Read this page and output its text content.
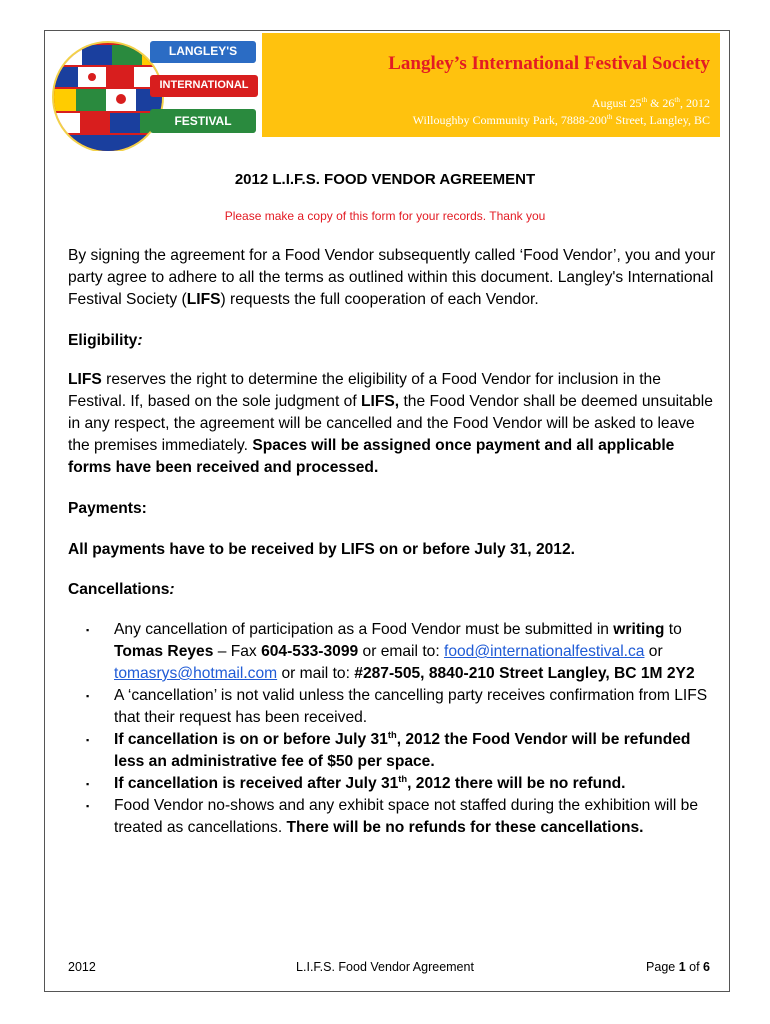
LANGLEY'S
INTERNATIONAL
FESTIVAL
Langley’s International Festival Society
August 25th & 26th, 2012
Willoughby Community Park, 7888-200th Street, Langley, BC
2012 L.I.F.S. FOOD VENDOR AGREEMENT
Please make a copy of this form for your records. Thank you
By signing the agreement for a Food Vendor subsequently called ‘Food Vendor’, you and your party agree to adhere to all the terms as outlined within this document. Langley's International Festival Society (LIFS) requests the full cooperation of each Vendor.
Eligibility:
LIFS reserves the right to determine the eligibility of a Food Vendor for inclusion in the Festival. If, based on the sole judgment of LIFS, the Food Vendor shall be deemed unsuitable in any respect, the agreement will be cancelled and the Food Vendor will be asked to leave the premises immediately. Spaces will be assigned once payment and all applicable forms have been received and processed.
Payments:
All payments have to be received by LIFS on or before July 31, 2012.
Cancellations:
▪ Any cancellation of participation as a Food Vendor must be submitted in writing to Tomas Reyes – Fax 604-533-3099 or email to: food@internationalfestival.ca or tomasrys@hotmail.com or mail to: #287-505, 8840-210 Street Langley, BC 1M 2Y2
▪ A ‘cancellation’ is not valid unless the cancelling party receives confirmation from LIFS that their request has been received.
▪ If cancellation is on or before July 31th, 2012 the Food Vendor will be refunded less an administrative fee of $50 per space.
▪ If cancellation is received after July 31th, 2012 there will be no refund.
▪ Food Vendor no-shows and any exhibit space not staffed during the exhibition will be treated as cancellations. There will be no refunds for these cancellations.
2012	L.I.F.S. Food Vendor Agreement	Page 1 of 6
